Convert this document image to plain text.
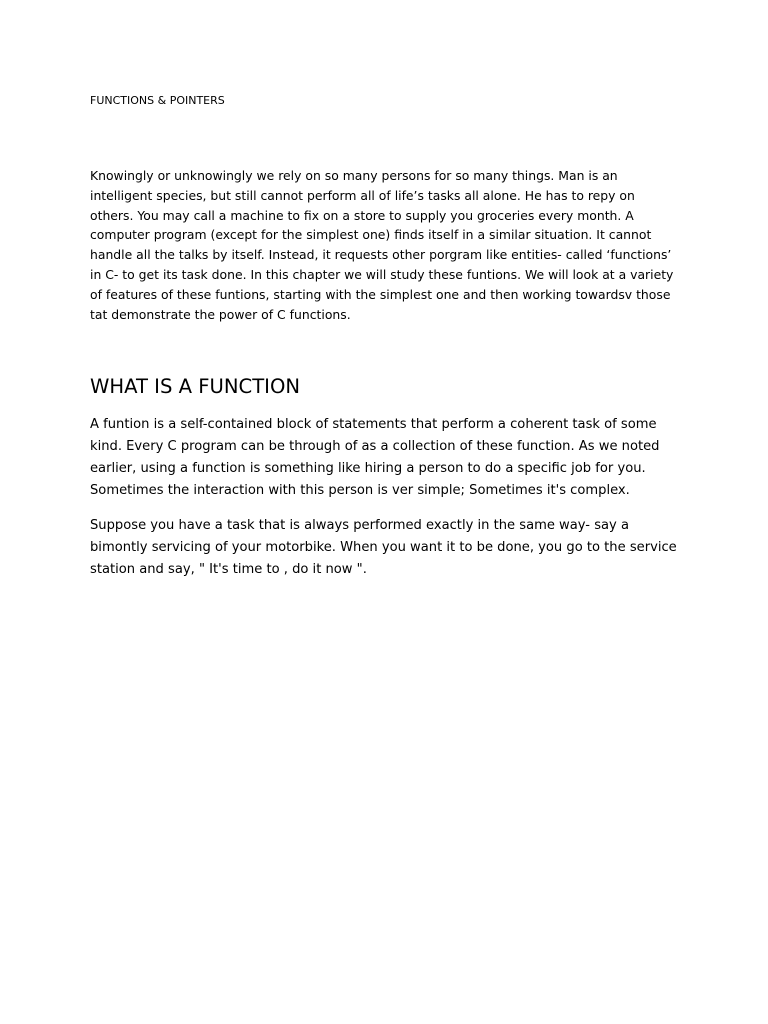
FUNCTIONS & POINTERS

Knowingly or unknowingly we rely on so many persons for so many things. Man is an intelligent species, but still cannot perform all of life’s tasks all alone. He has to repy on others. You may call a machine to fix on a store to supply you groceries every month. A computer program (except for the simplest one) finds itself in a similar situation. It cannot handle all the talks by itself. Instead, it requests other porgram like entities- called ‘functions’ in C- to get its task done. In this chapter we will study these funtions. We will look at a variety of features of these funtions, starting with the simplest one and then working towardsv those tat demonstrate the power of C functions.

WHAT IS A FUNCTION

A funtion is a self-contained block of statements that perform a coherent task of some kind. Every C program can be through of as a collection of these function. As we noted earlier, using a function is something like hiring a person to do a specific job for you. Sometimes the interaction with this person is ver simple; Sometimes it's complex.

Suppose you have a task that is always performed exactly in the same way- say a bimontly servicing of your motorbike. When you want it to be done, you go to the service station and say, " It's time to , do it now ".
